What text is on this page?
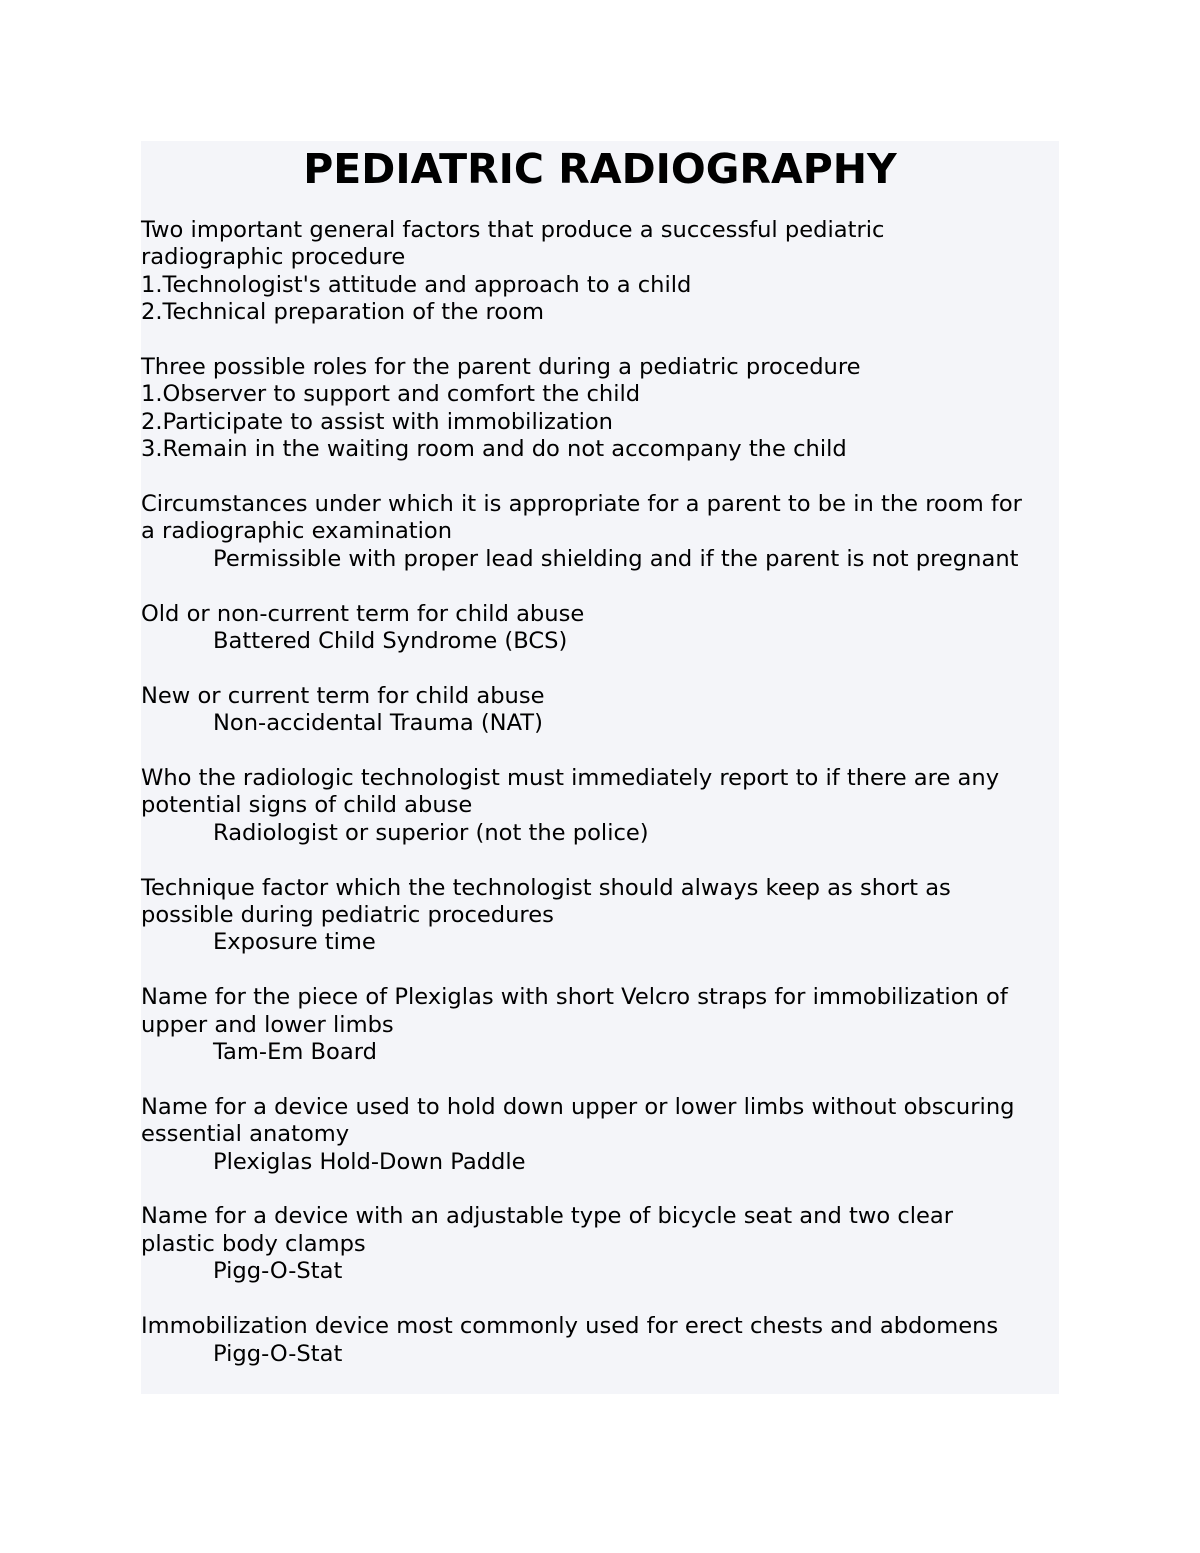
PEDIATRIC RADIOGRAPHY
Two important general factors that produce a successful pediatric
radiographic procedure
1.Technologist's attitude and approach to a child
2.Technical preparation of the room
Three possible roles for the parent during a pediatric procedure
1.Observer to support and comfort the child
2.Participate to assist with immobilization
3.Remain in the waiting room and do not accompany the child
Circumstances under which it is appropriate for a parent to be in the room for
a radiographic examination
Permissible with proper lead shielding and if the parent is not pregnant
Old or non-current term for child abuse
Battered Child Syndrome (BCS)
New or current term for child abuse
Non-accidental Trauma (NAT)
Who the radiologic technologist must immediately report to if there are any
potential signs of child abuse
Radiologist or superior (not the police)
Technique factor which the technologist should always keep as short as
possible during pediatric procedures
Exposure time
Name for the piece of Plexiglas with short Velcro straps for immobilization of
upper and lower limbs
Tam-Em Board
Name for a device used to hold down upper or lower limbs without obscuring
essential anatomy
Plexiglas Hold-Down Paddle
Name for a device with an adjustable type of bicycle seat and two clear
plastic body clamps
Pigg-O-Stat
Immobilization device most commonly used for erect chests and abdomens
Pigg-O-Stat
